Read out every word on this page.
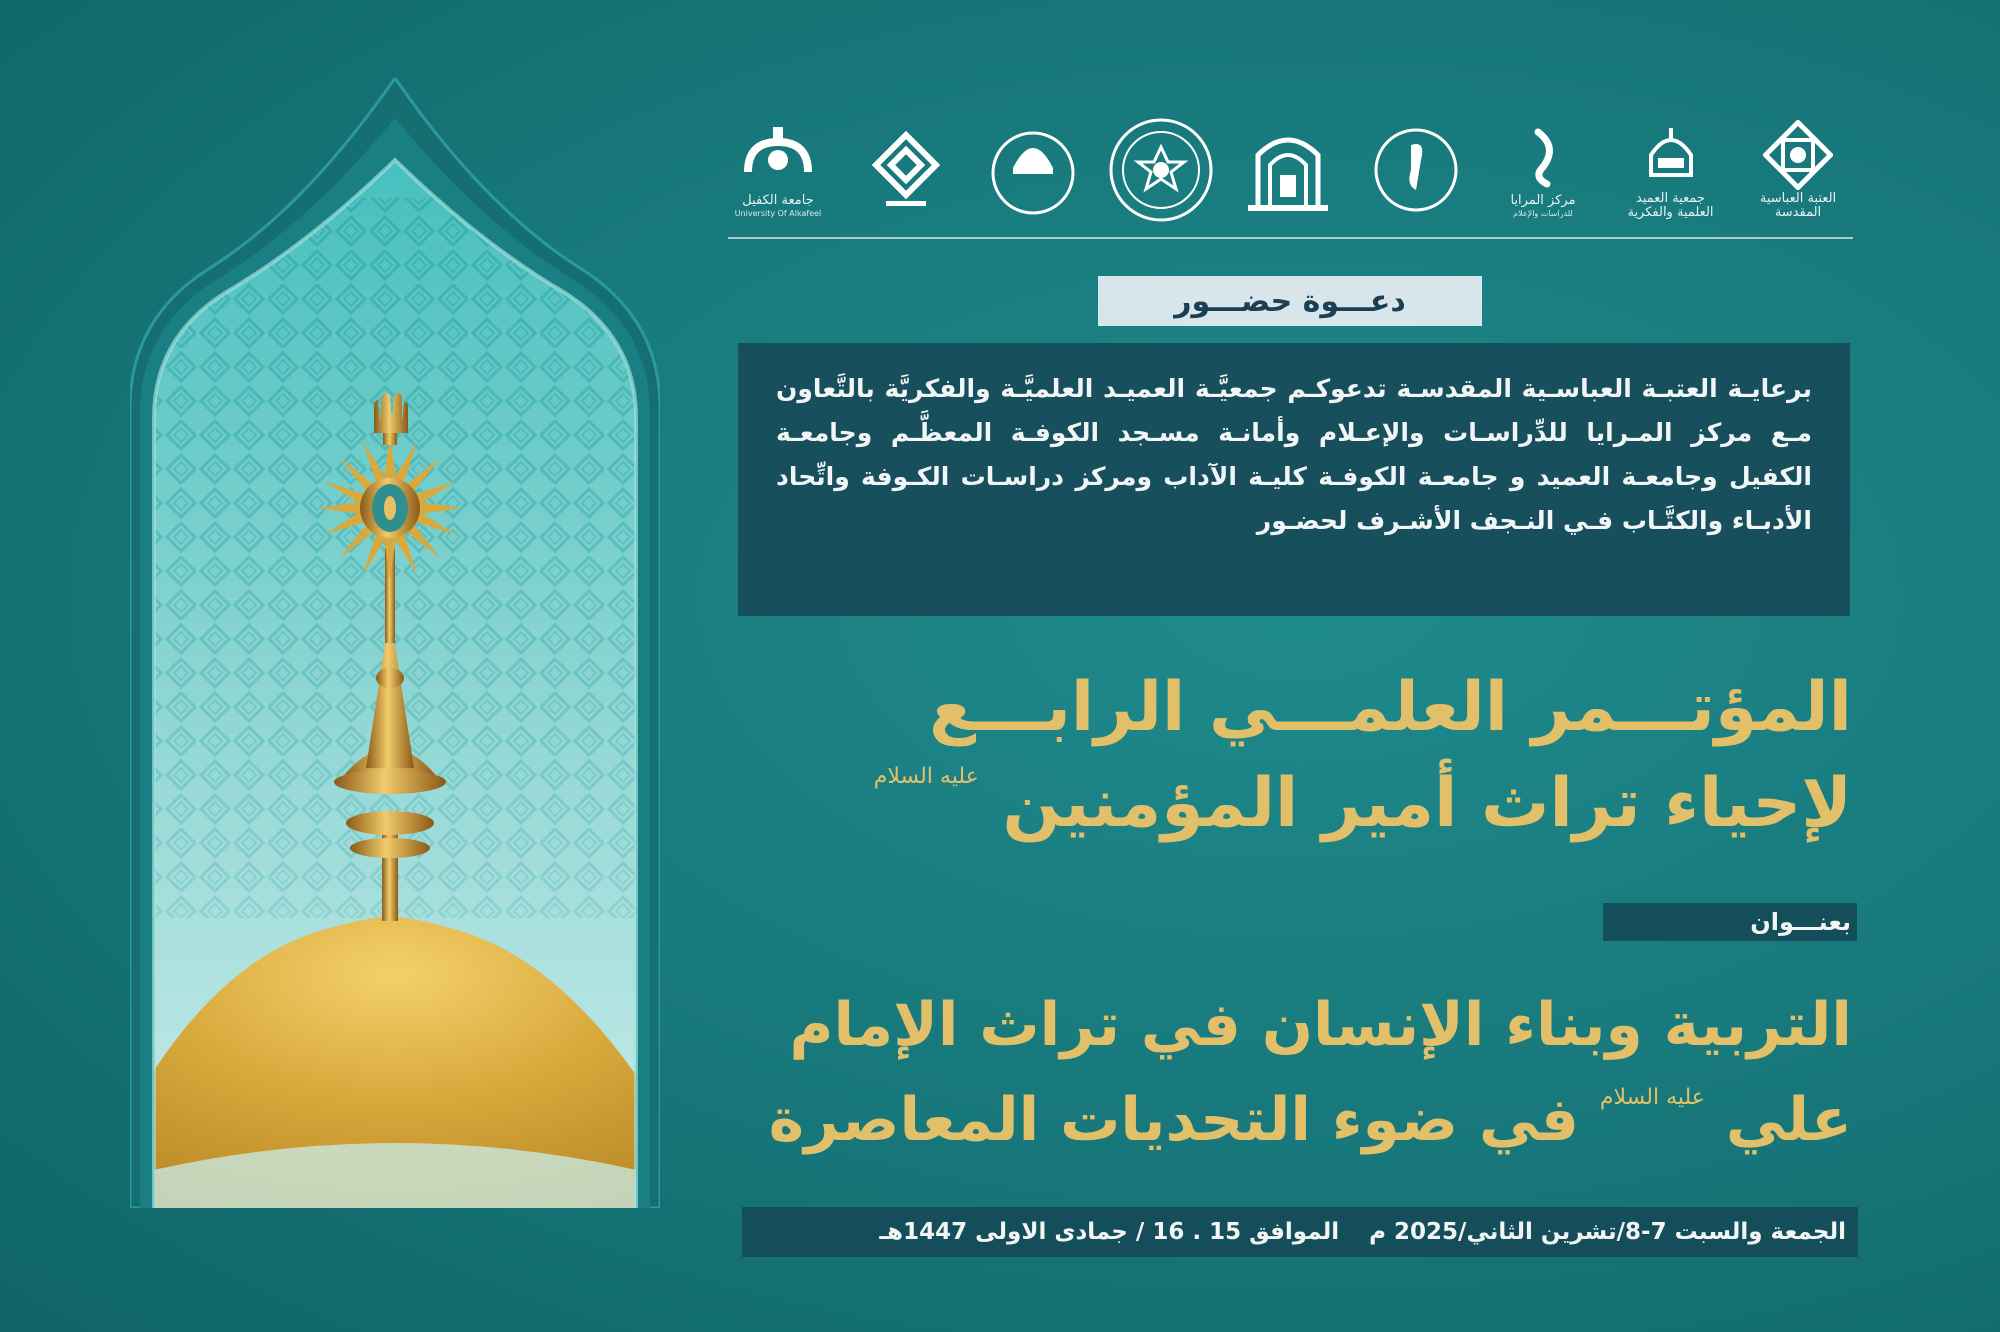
العتبة العباسية المقدسة
جمعية العميد العلمية والفكرية
مركز المرايا
للدراسات والإعلام
جامعة الكفيل
University Of Alkafeel
دعـــوة حضـــور

برعايـة العتبـة العباسـية المقدسـة تدعوكـم جمعيَّـة العميـد العلميَّـة والفكريَّة بالتَّعاون مـع مركز المـرايا للدِّراسـات والإعـلام وأمانـة مسـجد الكوفـة المعظَّـم وجامعـة الكفيل وجامعـة العميد و جامعـة الكوفـة كليـة الآداب ومركز دراسـات الكـوفة واتِّحاد الأدبـاء والكتَّـاب فـي النـجف الأشـرف لحضـور

المؤتـــمر العلمـــي الرابـــع
لإحياء تراث أمير المؤمنين $^{عليه السلام}$
بعنـــوان
التربية وبناء الإنسان في تراث الإمام
علي $^{عليه السلام}$ في ضوء التحديات المعاصرة
الجمعة والسبت 7-8/تشرين الثاني/2025 م
الموافق 15 . 16 / جمادى الاولى 1447هـ
